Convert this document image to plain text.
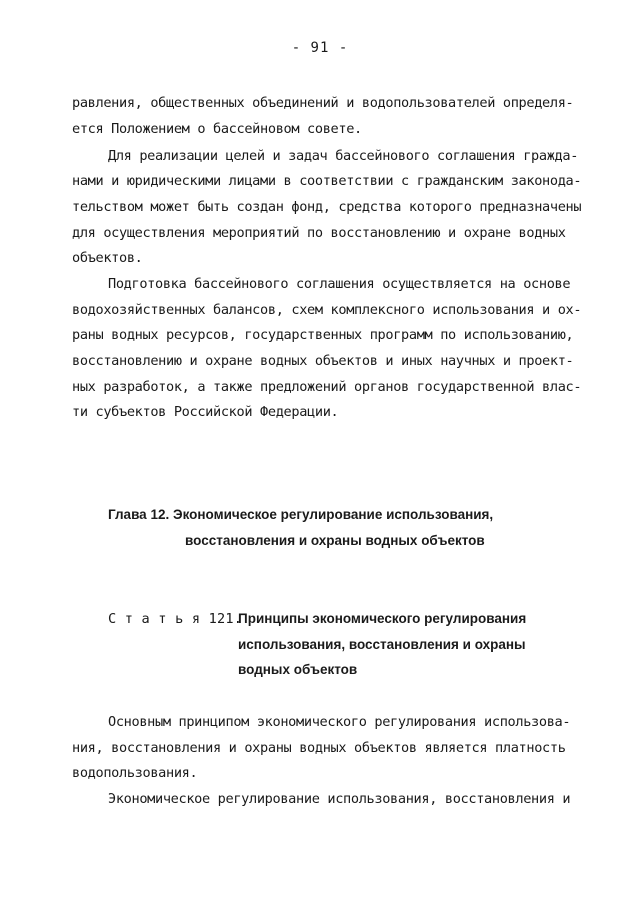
- 91 -
равления, общественных объединений и водопользователей определя-
ется Положением о бассейновом совете.
Для реализации целей и задач бассейнового соглашения гражда-
нами и юридическими лицами в соответствии с гражданским законода-
тельством может быть создан фонд, средства которого предназначены
для осуществления мероприятий по восстановлению и охране водных
объектов.
Подготовка бассейнового соглашения осуществляется на основе
водохозяйственных балансов, схем комплексного использования и ох-
раны водных ресурсов, государственных программ по использованию,
восстановлению и охране водных объектов и иных научных и проект-
ных разработок, а также предложений органов государственной влас-
ти субъектов Российской Федерации.
Глава 12. Экономическое регулирование использования,
восстановления и охраны водных объектов
С т а т ь я 121.
Принципы экономического регулирования
использования, восстановления и охраны
водных объектов
Основным принципом экономического регулирования использова-
ния, восстановления и охраны водных объектов является платность
водопользования.
Экономическое регулирование использования, восстановления и
